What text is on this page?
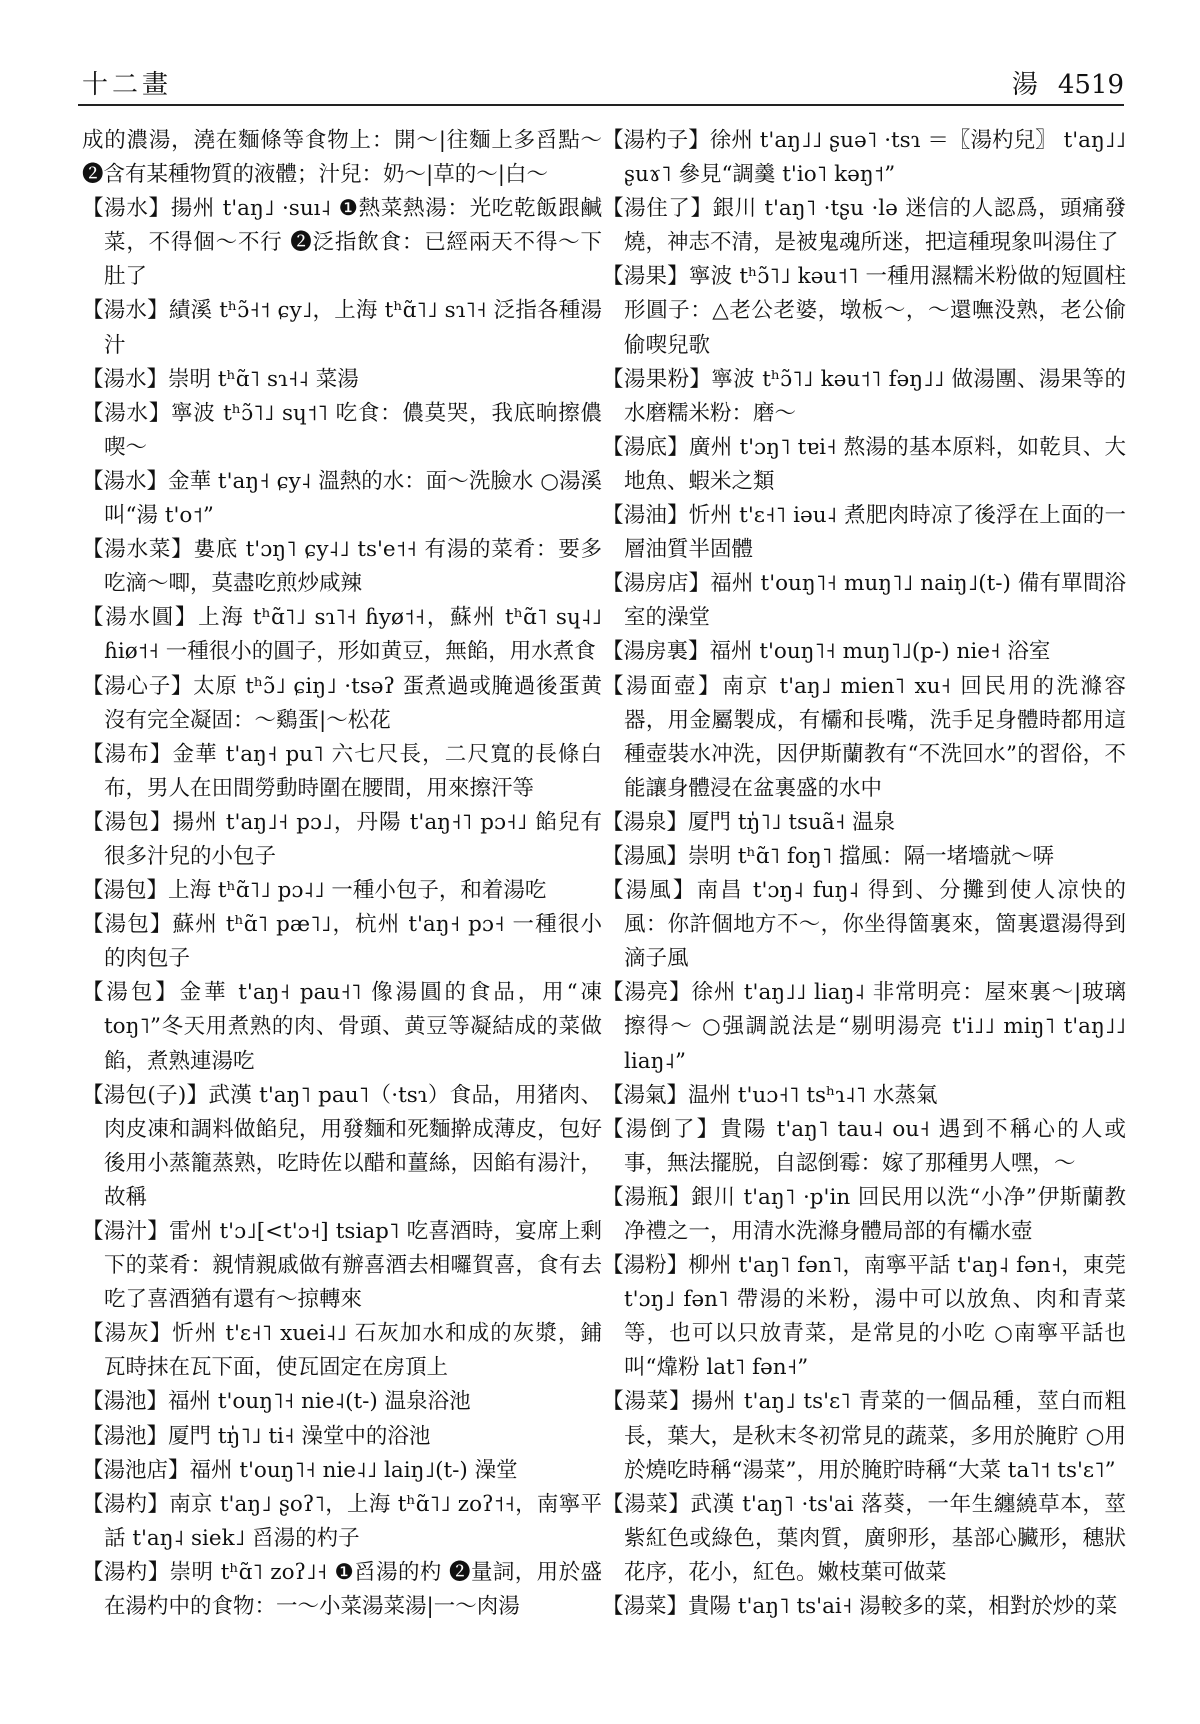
十二畫	湯 4519

成的濃湯，澆在麵條等食物上：開～|往麵上多舀點～ ❷含有某種物質的液體；汁兒：奶～|草的～|白～

【湯水】揚州 t'aŋ˩ ·suı˨ ❶熱菜熱湯：光吃乾飯跟鹹菜，不得個～不行 ❷泛指飲食：已經兩天不得～下肚了

【湯水】績溪 tʰɔ̃˧˦ ɕy˩，上海 tʰɑ̃˥˩ sɿ˥˧ 泛指各種湯汁

【湯水】崇明 tʰɑ̃˥ sɿ˧˨ 菜湯

【湯水】寧波 tʰɔ̃˥˩ sɥ˦˥ 吃食：儂莫哭，我底晌擦儂喫～

【湯水】金華 t'aŋ˧ ɕy˨ 溫熱的水：面～洗臉水 ○湯溪叫“湯 t'o˦”

【湯水菜】婁底 t'ɔŋ˥ ɕy˨˩ ts'e˦˧ 有湯的菜肴：要多吃滴～唧，莫盡吃煎炒咸辣

【湯水圓】上海 tʰɑ̃˥˩ sɿ˥˧ ɦyø˦˧，蘇州 tʰɑ̃˥ sɥ˨˩ ɦiø˦˧ 一種很小的圓子，形如黄豆，無餡，用水煮食

【湯心子】太原 tʰɔ̃˩ ɕiŋ˩ ·tsəʔ 蛋煮過或腌過後蛋黄沒有完全凝固：～鷄蛋|～松花

【湯布】金華 t'aŋ˧ pu˥ 六七尺長，二尺寬的長條白布，男人在田間勞動時圍在腰間，用來擦汗等

【湯包】揚州 t'aŋ˩˧ pɔ˩，丹陽 t'aŋ˧˥ pɔ˧˩ 餡兒有很多汁兒的小包子

【湯包】上海 tʰɑ̃˥˩ pɔ˨˩ 一種小包子，和着湯吃

【湯包】蘇州 tʰɑ̃˥ pæ˥˩，杭州 t'aŋ˧ pɔ˧ 一種很小的肉包子

【湯包】金華 t'aŋ˧ pau˧˥ 像湯圓的食品，用“凍 toŋ˥”冬天用煮熟的肉、骨頭、黄豆等凝結成的菜做餡，煮熟連湯吃

【湯包(子)】武漢 t'aŋ˥ pau˥（·tsɿ）食品，用猪肉、肉皮凍和調料做餡兒，用發麵和死麵擀成薄皮，包好後用小蒸籠蒸熟，吃時佐以醋和薑絲，因餡有湯汁，故稱

【湯汁】雷州 t'ɔ˩[<t'ɔ˧] tsiap˥ 吃喜酒時，宴席上剩下的菜肴：親情親戚做有辦喜酒去相囉賀喜，食有去吃了喜酒猶有還有～掠轉來

【湯灰】忻州 t'ɛ˧˥ xuei˨˩ 石灰加水和成的灰漿，鋪瓦時抹在瓦下面，使瓦固定在房頂上

【湯池】福州 t'ouŋ˥˧ nie˨(t-) 温泉浴池

【湯池】厦門 tŋ̍˥˩ ti˧ 澡堂中的浴池

【湯池店】福州 t'ouŋ˥˧ nie˨˩ laiŋ˩(t-) 澡堂

【湯杓】南京 t'aŋ˩ ʂoʔ˥，上海 tʰɑ̃˥˩ zoʔ˦˧，南寧平話 t'aŋ˨ siek˩ 舀湯的杓子

【湯杓】崇明 tʰɑ̃˥ zoʔ˩˧ ❶舀湯的杓 ❷量詞，用於盛在湯杓中的食物：一～小菜湯菜湯|一～肉湯

【湯杓子】徐州 t'aŋ˩˩ ʂuə˥ ·tsɿ ＝〖湯杓兒〗 t'aŋ˩˩ ʂuɤ˥ 參見“調羹 t'io˥ kəŋ˦”

【湯住了】銀川 t'aŋ˥ ·tʂu ·lə 迷信的人認爲，頭痛發燒，神志不清，是被鬼魂所迷，把這種現象叫湯住了

【湯果】寧波 tʰɔ̃˥˩ kəu˦˥ 一種用濕糯米粉做的短圓柱形圓子：△老公老婆，墩板～，～還嘸没熟，老公偷偷喫兒歌

【湯果粉】寧波 tʰɔ̃˥˩ kəu˦˥ fəŋ˩˩ 做湯團、湯果等的水磨糯米粉：磨～

【湯底】廣州 t'ɔŋ˥ tɐi˧ 熬湯的基本原料，如乾貝、大地魚、蝦米之類

【湯油】忻州 t'ɛ˧˥ iəu˨ 煮肥肉時凉了後浮在上面的一層油質半固體

【湯房店】福州 t'ouŋ˥˧ muŋ˥˩ naiŋ˩(t-) 備有單間浴室的澡堂

【湯房裏】福州 t'ouŋ˥˧ muŋ˥˩(p-) nie˧ 浴室

【湯面壺】南京 t'aŋ˩ mien˥ xu˧ 回民用的洗滌容器，用金屬製成，有欛和長嘴，洗手足身體時都用這種壺裝水冲洗，因伊斯蘭教有“不洗回水”的習俗，不能讓身體浸在盆裏盛的水中

【湯泉】厦門 tŋ̍˥˩ tsuã˧ 温泉

【湯風】崇明 tʰɑ̃˥ foŋ˥ 擋風：隔一堵墻就～哢

【湯風】南昌 t'ɔŋ˨ fuŋ˨ 得到、分攤到使人凉快的風：你許個地方不～，你坐得箇裏來，箇裏還湯得到滴子風

【湯亮】徐州 t'aŋ˩˩ liaŋ˨ 非常明亮：屋來裏～|玻璃擦得～ ○强調説法是“剔明湯亮 t'i˩˩ miŋ˥ t'aŋ˩˩ liaŋ˨”

【湯氣】温州 t'uɔ˧˥ tsʰɿ˨˥ 水蒸氣

【湯倒了】貴陽 t'aŋ˥ tau˨ ou˧ 遇到不稱心的人或事，無法擺脱，自認倒霉：嫁了那種男人嘿，～

【湯瓶】銀川 t'aŋ˥ ·p'in 回民用以洗“小净”伊斯蘭教净禮之一，用清水洗滌身體局部的有欛水壺

【湯粉】柳州 t'aŋ˥ fən˥，南寧平話 t'aŋ˨ fən˧，東莞 t'ɔŋ˩ fən˥ 帶湯的米粉，湯中可以放魚、肉和青菜等，也可以只放青菜，是常見的小吃 ○南寧平話也叫“㸆粉 lat˥ fən˧”

【湯菜】揚州 t'aŋ˩ ts'ɛ˥ 青菜的一個品種，莖白而粗長，葉大，是秋末冬初常見的蔬菜，多用於腌貯 ○用於燒吃時稱“湯菜”，用於腌貯時稱“大菜 ta˥˦ ts'ɛ˥”

【湯菜】武漢 t'aŋ˥ ·ts'ai 落葵，一年生纏繞草本，莖紫紅色或綠色，葉肉質，廣卵形，基部心臟形，穗狀花序，花小，紅色。嫩枝葉可做菜

【湯菜】貴陽 t'aŋ˥ ts'ai˧ 湯較多的菜，相對於炒的菜
